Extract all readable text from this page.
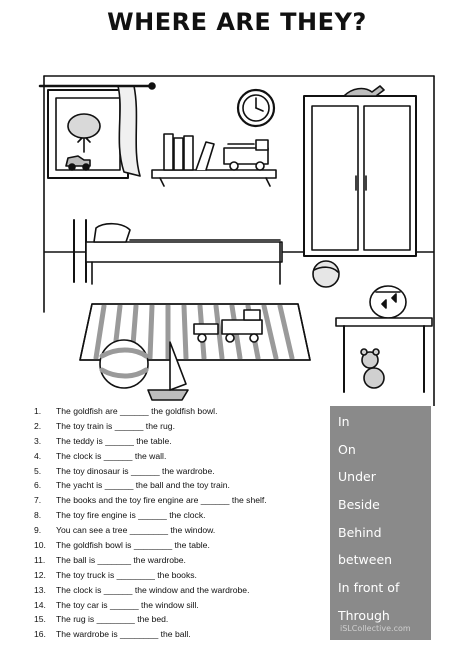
WHERE ARE THEY?
1. The goldfish are ______ the goldfish bowl.
2. The toy train is ______ the rug.
3. The teddy is ______ the table.
4. The clock is ______ the wall.
5. The toy dinosaur is ______ the wardrobe.
6. The yacht is ______ the ball and the toy train.
7. The books and the toy fire engine are ______ the shelf.
8. The toy fire engine is ______ the clock.
9. You can see a tree ________ the window.
10. The goldfish bowl is ________ the table.
11. The ball is _______ the wardrobe.
12. The toy truck is ________ the books.
13. The clock is ______ the window and the wardrobe.
14. The toy car is ______ the window sill.
15. The rug is ________ the bed.
16. The wardrobe is ________ the ball.
In
On
Under
Beside
Behind
between
In front of
Through
iSLCollective.com
